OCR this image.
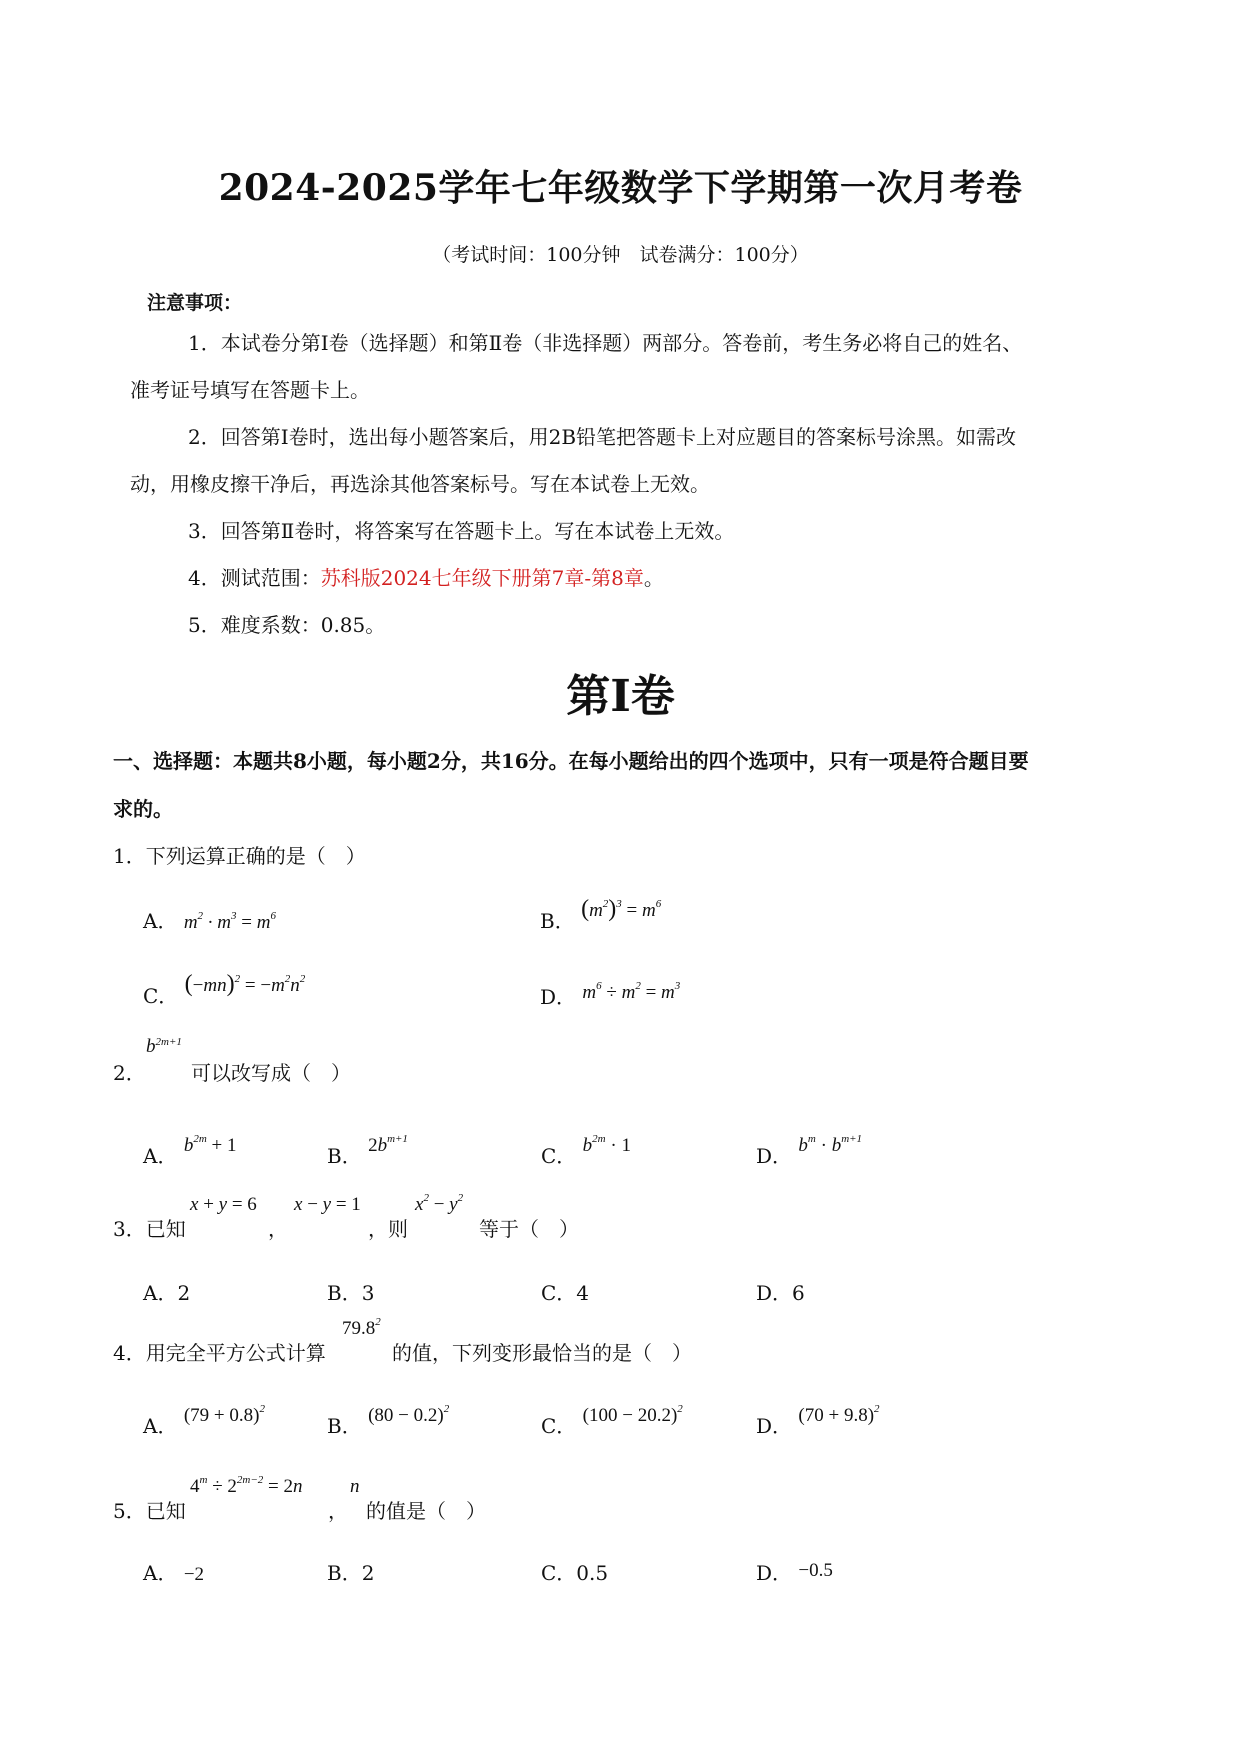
2024-2025学年七年级数学下学期第一次月考卷
（考试时间：100分钟　试卷满分：100分）
注意事项：
1．本试卷分第Ⅰ卷（选择题）和第Ⅱ卷（非选择题）两部分。答卷前，考生务必将自己的姓名、
准考证号填写在答题卡上。
2．回答第Ⅰ卷时，选出每小题答案后，用2B铅笔把答题卡上对应题目的答案标号涂黑。如需改
动，用橡皮擦干净后，再选涂其他答案标号。写在本试卷上无效。
3．回答第Ⅱ卷时，将答案写在答题卡上。写在本试卷上无效。
4．测试范围：苏科版2024七年级下册第7章-第8章。
5．难度系数：0.85。
第Ⅰ卷
一、选择题：本题共8小题，每小题2分，共16分。在每小题给出的四个选项中，只有一项是符合题目要
求的。
1．下列运算正确的是（　）
A． $m^2 \cdot m^3 = m^6$	B． $(m^2)^3 = m^6$
C． $(-mn)^2 = -m^2n^2$
D． $m^6 \div m^2 = m^3$
2．
$b^{2m+1}$
可以改写成（　）
A． $b^{2m} + 1$	B． $2b^{m+1}$
C． $b^{2m} \cdot 1$	D． $b^m \cdot b^{m+1}$
3．已知
x + y = 6
，
x − y = 1
，则
$x^2 - y^2$
等于（　）
A．2	B．3	C．4	D．6
4．用完全平方公式计算
79.8$^2$
的值，下列变形最恰当的是（　）
A． $(79 + 0.8)^2$
B． $(80 - 0.2)^2$
C． $(100 - 20.2)^2$
D． $(70 + 9.8)^2$
5．已知
$4^m \div 2^{2m-2} = 2n$
，
n
的值是（　）
A． −2	B．2	C．0.5	D． −0.5
